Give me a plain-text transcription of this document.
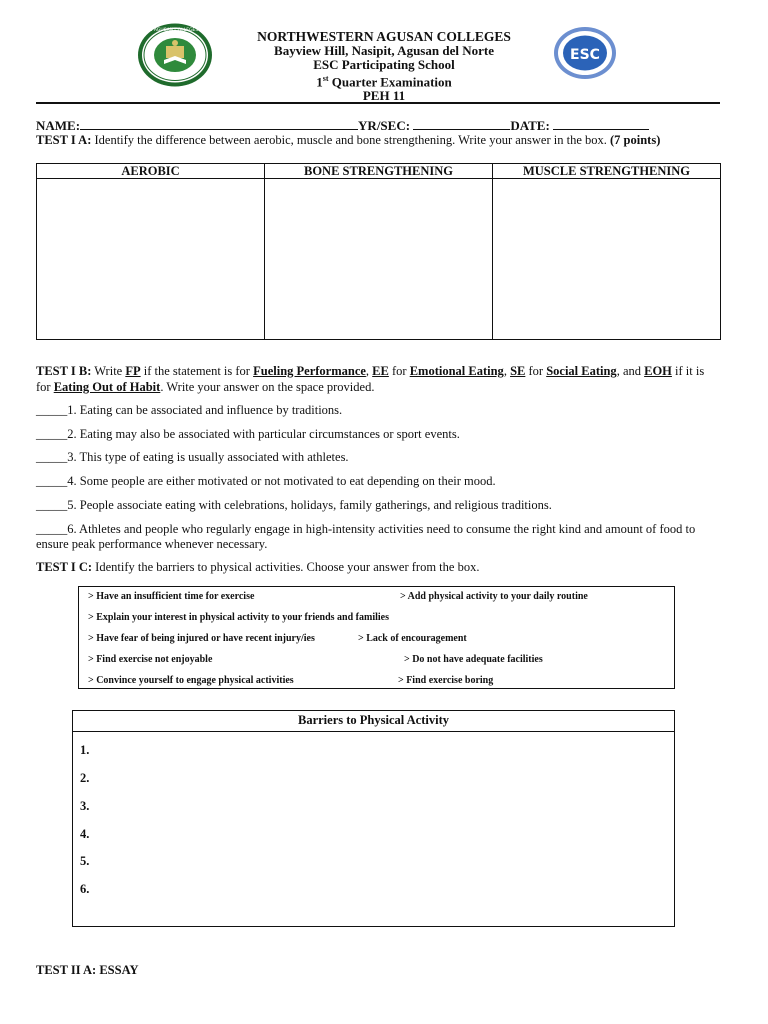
NORTHWESTERN AGUSAN COLLEGES · NASIPIT, ADN ·
ESC
NORTHWESTERN AGUSAN COLLEGES
Bayview Hill, Nasipit, Agusan del Norte
ESC Participating School
1st Quarter Examination
PEH 11
NAME:	YR/SEC:	DATE:
TEST I A: Identify the difference between aerobic, muscle and bone strengthening. Write your answer in the box. (7 points)
AEROBIC	BONE STRENGTHENING	MUSCLE STRENGTHENING

TEST I B: Write FP if the statement is for Fueling Performance, EE for Emotional Eating, SE for Social Eating, and EOH if it is for Eating Out of Habit. Write your answer on the space provided.
_____1. Eating can be associated and influence by traditions.
_____2. Eating may also be associated with particular circumstances or sport events.
_____3. This type of eating is usually associated with athletes.
_____4. Some people are either motivated or not motivated to eat depending on their mood.
_____5. People associate eating with celebrations, holidays, family gatherings, and religious traditions.
_____6. Athletes and people who regularly engage in high-intensity activities need to consume the right kind and amount of food to ensure peak performance whenever necessary.
TEST I C: Identify the barriers to physical activities. Choose your answer from the box.
> Have an insufficient time for exercise	> Add physical activity to your daily routine
> Explain your interest in physical activity to your friends and families
> Have fear of being injured or have recent injury/ies	> Lack of encouragement
> Find exercise not enjoyable	> Do not have adequate facilities
> Convince yourself to engage physical activities	> Find exercise boring
Barriers to Physical Activity
1.
2.
3.
4.
5.
6.
TEST II A: ESSAY
